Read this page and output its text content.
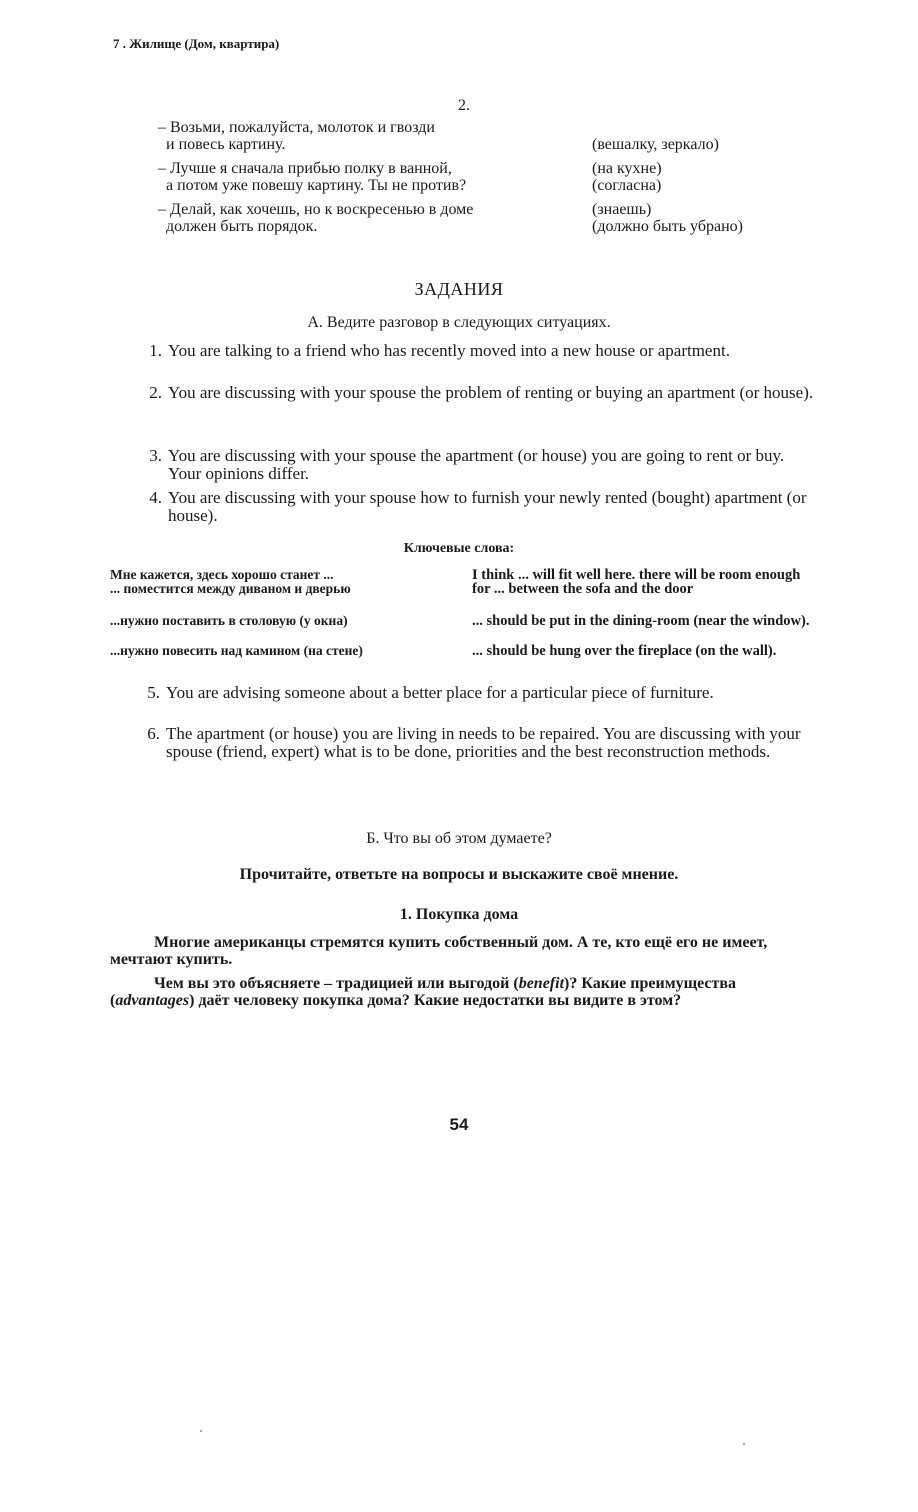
7 . Жилище (Дом, квартира)
2.
– Возьми, пожалуйста, молоток и гвозди
и повесь картину.	
(вешалку, зеркало)
– Лучше я сначала прибью полку в ванной,
а потом уже повешу картину. Ты не против?
(на кухне)
(согласна)
– Делай, как хочешь, но к воскресенью в доме
должен быть порядок.
(знаешь)
(должно быть убрано)
ЗАДАНИЯ
А. Ведите разговор в следующих ситуациях.
1. You are talking to a friend who has recently moved into a new house or apartment.
2. You are discussing with your spouse the problem of renting or buying an apartment (or house).
3. You are discussing with your spouse the apartment (or house) you are going to rent or buy. Your opinions differ.
4. You are discussing with your spouse how to furnish your newly rented (bought) apartment (or house).
Ключевые слова:
Мне кажется, здесь хорошо станет ...
... поместится между диваном и дверью
I think ... will fit well here. there will be room enough for ... between the sofa and the door
...нужно поставить в столовую (у окна)	... should be put in the dining-room (near the window).
...нужно повесить над камином (на стене)	... should be hung over the fireplace (on the wall).
5. You are advising someone about a better place for a particular piece of furniture.
6. The apartment (or house) you are living in needs to be repaired. You are discussing with your spouse (friend, expert) what is to be done, priorities and the best reconstruction methods.
Б. Что вы об этом думаете?
Прочитайте, ответьте на вопросы и выскажите своё мнение.
1. Покупка дома
Многие американцы стремятся купить собственный дом. А те, кто ещё его не имеет, мечтают купить.
Чем вы это объясняете – традицией или выгодой (benefit)? Какие преимущества (advantages) даёт человеку покупка дома? Какие недостатки вы видите в этом?
54
